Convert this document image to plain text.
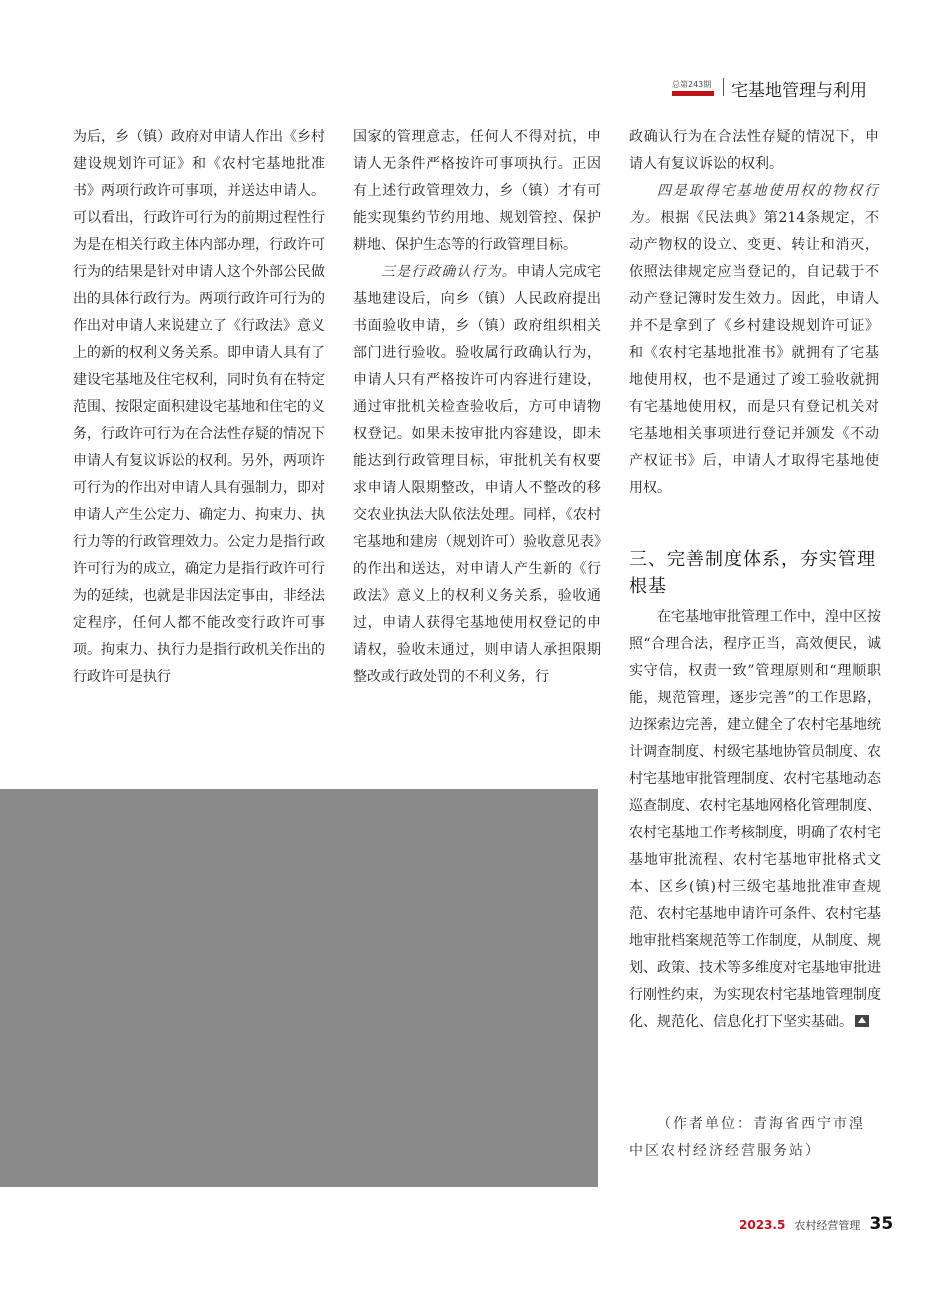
总第243期 宅基地管理与利用

为后，乡（镇）政府对申请人作出《乡村建设规划许可证》和《农村宅基地批准书》两项行政许可事项，并送达申请人。可以看出，行政许可行为的前期过程性行为是在相关行政主体内部办理，行政许可行为的结果是针对申请人这个外部公民做出的具体行政行为。两项行政许可行为的作出对申请人来说建立了《行政法》意义上的新的权利义务关系。即申请人具有了建设宅基地及住宅权利，同时负有在特定范围、按限定面积建设宅基地和住宅的义务，行政许可行为在合法性存疑的情况下申请人有复议诉讼的权利。另外，两项许可行为的作出对申请人具有强制力，即对申请人产生公定力、确定力、拘束力、执行力等的行政管理效力。公定力是指行政许可行为的成立，确定力是指行政许可行为的延续，也就是非因法定事由，非经法定程序，任何人都不能改变行政许可事项。拘束力、执行力是指行政机关作出的行政许可是执行

国家的管理意志，任何人不得对抗，申请人无条件严格按许可事项执行。正因有上述行政管理效力，乡（镇）才有可能实现集约节约用地、规划管控、保护耕地、保护生态等的行政管理目标。

三是行政确认行为。申请人完成宅基地建设后，向乡（镇）人民政府提出书面验收申请，乡（镇）政府组织相关部门进行验收。验收属行政确认行为，申请人只有严格按许可内容进行建设，通过审批机关检查验收后，方可申请物权登记。如果未按审批内容建设，即未能达到行政管理目标，审批机关有权要求申请人限期整改，申请人不整改的移交农业执法大队依法处理。同样，《农村宅基地和建房（规划许可）验收意见表》的作出和送达，对申请人产生新的《行政法》意义上的权利义务关系，验收通过，申请人获得宅基地使用权登记的申请权，验收未通过，则申请人承担限期整改或行政处罚的不利义务，行

政确认行为在合法性存疑的情况下，申请人有复议诉讼的权利。

四是取得宅基地使用权的物权行为。根据《民法典》第214条规定，不动产物权的设立、变更、转让和消灭，依照法律规定应当登记的，自记载于不动产登记簿时发生效力。因此，申请人并不是拿到了《乡村建设规划许可证》和《农村宅基地批准书》就拥有了宅基地使用权，也不是通过了竣工验收就拥有宅基地使用权，而是只有登记机关对宅基地相关事项进行登记并颁发《不动产权证书》后，申请人才取得宅基地使用权。

三、完善制度体系，夯实管理根基

在宅基地审批管理工作中，湟中区按照“合理合法，程序正当，高效便民，诚实守信，权责一致”管理原则和“理顺职能，规范管理，逐步完善”的工作思路，边探索边完善，建立健全了农村宅基地统计调查制度、村级宅基地协管员制度、农村宅基地审批管理制度、农村宅基地动态巡查制度、农村宅基地网格化管理制度、农村宅基地工作考核制度，明确了农村宅基地审批流程、农村宅基地审批格式文本、区乡(镇)村三级宅基地批准审查规范、农村宅基地申请许可条件、农村宅基地审批档案规范等工作制度，从制度、规划、政策、技术等多维度对宅基地审批进行刚性约束，为实现农村宅基地管理制度化、规范化、信息化打下坚实基础。

（作者单位：青海省西宁市湟
中区农村经济经营服务站）

2023.5 农村经营管理 35
